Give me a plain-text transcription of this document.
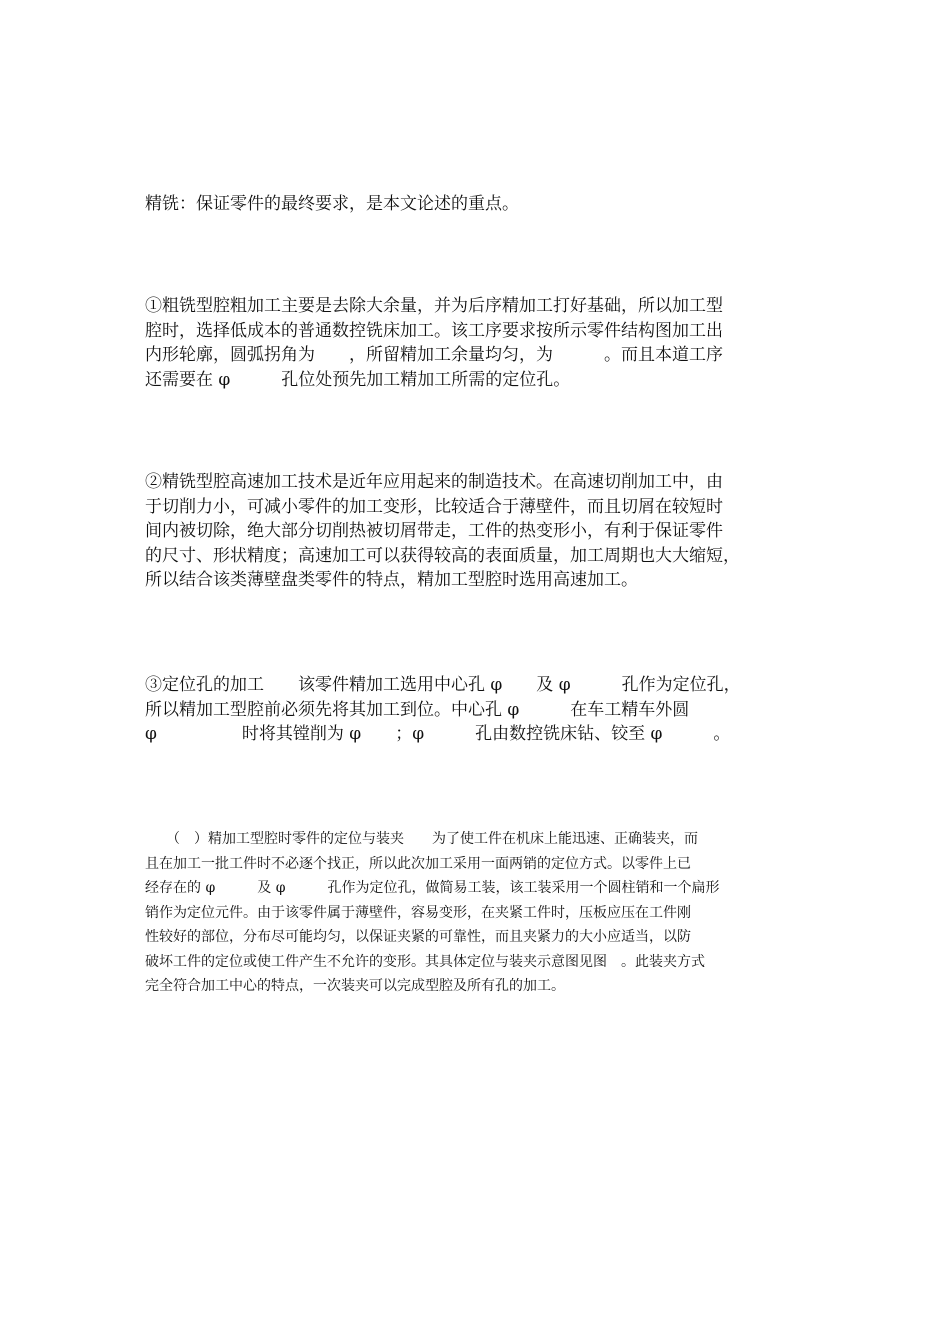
精铣：保证零件的最终要求，是本文论述的重点。
①粗铣型腔粗加工主要是去除大余量，并为后序精加工打好基础，所以加工型
腔时，选择低成本的普通数控铣床加工。该工序要求按所示零件结构图加工出
内形轮廓，圆弧拐角为　　，所留精加工余量均匀，为　　　。而且本道工序
还需要在 φ　　　孔位处预先加工精加工所需的定位孔。
②精铣型腔高速加工技术是近年应用起来的制造技术。在高速切削加工中，由
于切削力小，可减小零件的加工变形，比较适合于薄壁件，而且切屑在较短时
间内被切除，绝大部分切削热被切屑带走，工件的热变形小，有利于保证零件
的尺寸、形状精度；高速加工可以获得较高的表面质量，加工周期也大大缩短，
所以结合该类薄壁盘类零件的特点，精加工型腔时选用高速加工。
③定位孔的加工　　该零件精加工选用中心孔 φ　　及 φ　　　孔作为定位孔，
所以精加工型腔前必须先将其加工到位。中心孔 φ　　　在车工精车外圆
φ　　　　　时将其镗削为 φ　　；φ　　　孔由数控铣床钻、铰至 φ　　　。
　　（　）精加工型腔时零件的定位与装夹　　为了使工件在机床上能迅速、正确装夹，而
且在加工一批工件时不必逐个找正，所以此次加工采用一面两销的定位方式。以零件上已
经存在的 φ　　　及 φ　　　孔作为定位孔，做简易工装，该工装采用一个圆柱销和一个扁形
销作为定位元件。由于该零件属于薄壁件，容易变形，在夹紧工件时，压板应压在工件刚
性较好的部位，分布尽可能均匀，以保证夹紧的可靠性，而且夹紧力的大小应适当，以防
破坏工件的定位或使工件产生不允许的变形。其具体定位与装夹示意图见图　。此装夹方式
完全符合加工中心的特点，一次装夹可以完成型腔及所有孔的加工。
